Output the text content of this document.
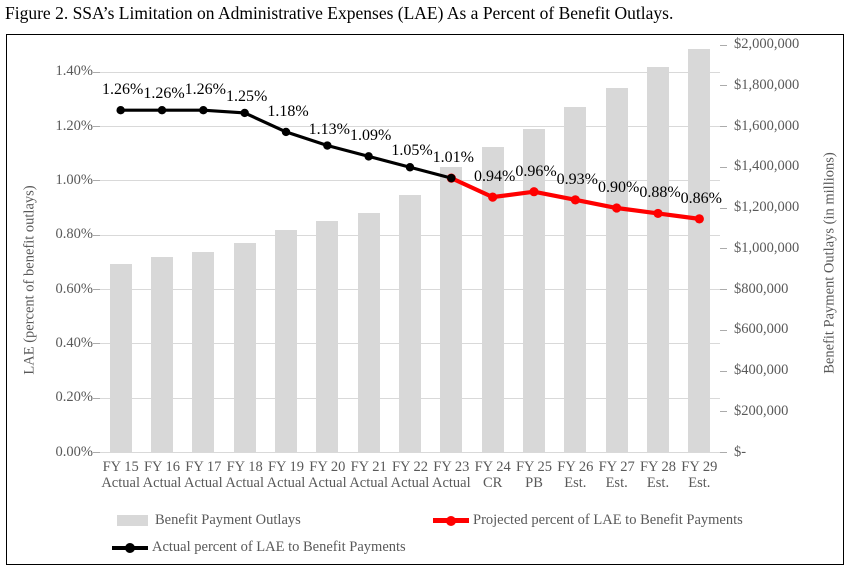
Figure 2. SSA’s Limitation on Administrative Expenses (LAE) As a Percent of Benefit Outlays.
0.00%
0.20%
0.40%
0.60%
0.80%
1.00%
1.20%
1.40%
$-
$200,000
$400,000
$600,000
$800,000
$1,000,000
$1,200,000
$1,400,000
$1,600,000
$1,800,000
$2,000,000
FY 15
Actual
FY 16
Actual
FY 17
Actual
FY 18
Actual
FY 19
Actual
FY 20
Actual
FY 21
Actual
FY 22
Actual
FY 23
Actual
FY 24
CR
FY 25
PB
FY 26
Est.
FY 27
Est.
FY 28
Est.
FY 29
Est.
1.26% 1.26% 1.26% 1.25%
1.18%
1.13% 1.09%
1.05% 1.01%
0.94% 0.96% 0.93% 0.90% 0.88% 0.86%
LAE (percent of benefit outlays)	Benefit Payment Outlays (in millions)
Benefit Payment Outlays	Projected percent of LAE to Benefit Payments
Actual percent of LAE to Benefit Payments
